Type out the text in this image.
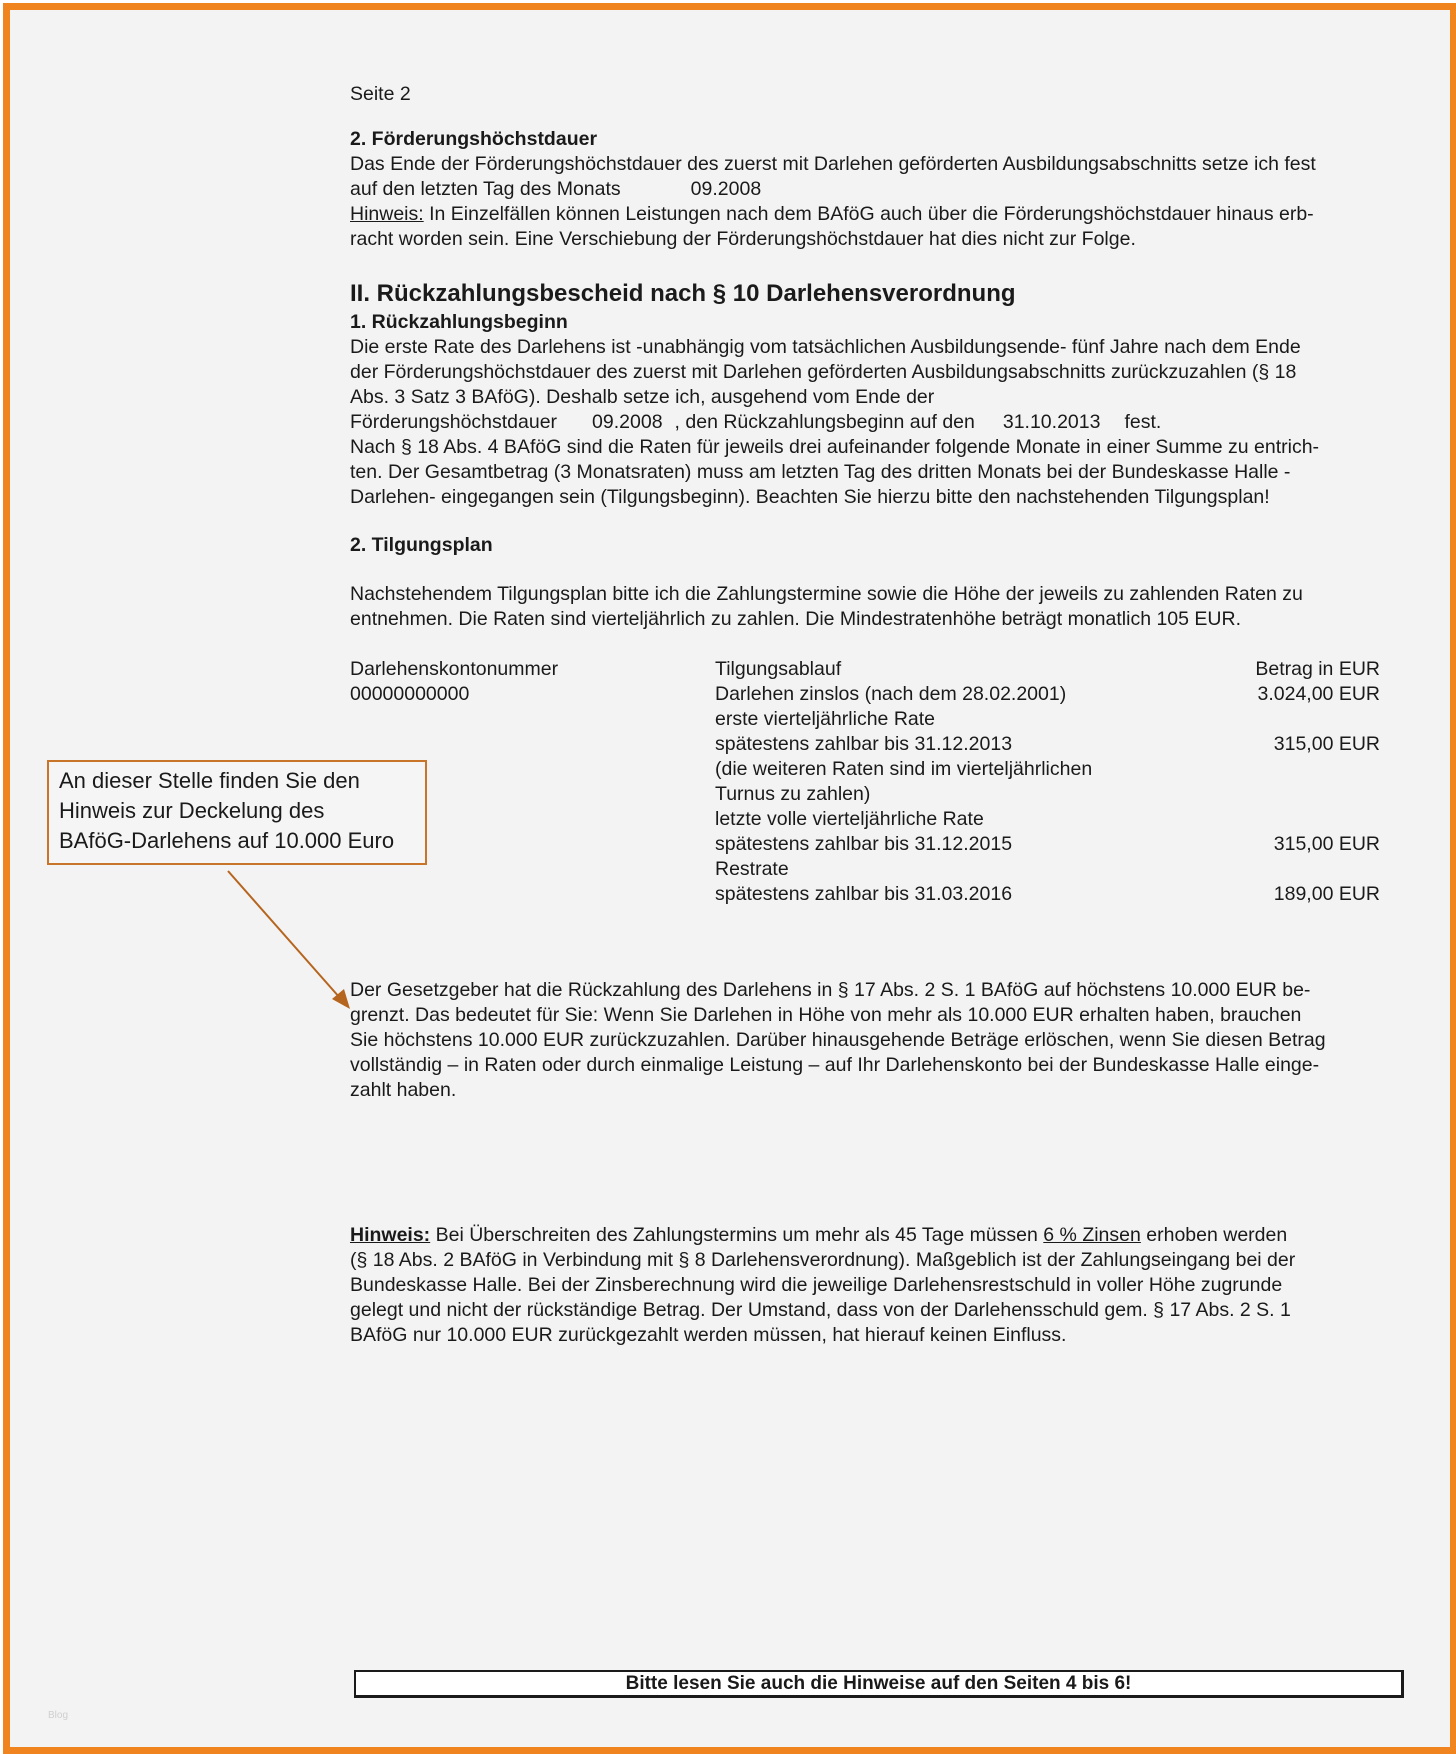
Seite 2

2. Förderungshöchstdauer

Das Ende der Förderungshöchstdauer des zuerst mit Darlehen geförderten Ausbildungsabschnitts setze ich fest

auf den letzten Tag des Monats	09.2008

Hinweis: In Einzelfällen können Leistungen nach dem BAföG auch über die Förderungshöchstdauer hinaus erb-

racht worden sein. Eine Verschiebung der Förderungshöchstdauer hat dies nicht zur Folge.

II. Rückzahlungsbescheid nach § 10 Darlehensverordnung

1. Rückzahlungsbeginn

Die erste Rate des Darlehens ist -unabhängig vom tatsächlichen Ausbildungsende- fünf Jahre nach dem Ende

der Förderungshöchstdauer des zuerst mit Darlehen geförderten Ausbildungsabschnitts zurückzuzahlen (§ 18

Abs. 3 Satz 3 BAföG). Deshalb setze ich, ausgehend vom Ende der

Förderungshöchstdauer 09.2008 , den Rückzahlungsbeginn auf den 31.10.2013 fest.

Nach § 18 Abs. 4 BAföG sind die Raten für jeweils drei aufeinander folgende Monate in einer Summe zu entrich-

ten. Der Gesamtbetrag (3 Monatsraten) muss am letzten Tag des dritten Monats bei der Bundeskasse Halle -

Darlehen- eingegangen sein (Tilgungsbeginn). Beachten Sie hierzu bitte den nachstehenden Tilgungsplan!

2. Tilgungsplan

Nachstehendem Tilgungsplan bitte ich die Zahlungstermine sowie die Höhe der jeweils zu zahlenden Raten zu

entnehmen. Die Raten sind vierteljährlich zu zahlen. Die Mindestratenhöhe beträgt monatlich 105 EUR.

Darlehenskontonummer	Tilgungsablauf	Betrag in EUR
00000000000	Darlehen zinslos (nach dem 28.02.2001)	3.024,00 EUR
erste vierteljährliche Rate
spätestens zahlbar bis 31.12.2013	315,00 EUR
(die weiteren Raten sind im vierteljährlichen
Turnus zu zahlen)
letzte volle vierteljährliche Rate
spätestens zahlbar bis 31.12.2015	315,00 EUR
Restrate
spätestens zahlbar bis 31.03.2016	189,00 EUR

Der Gesetzgeber hat die Rückzahlung des Darlehens in § 17 Abs. 2 S. 1 BAföG auf höchstens 10.000 EUR be-

grenzt. Das bedeutet für Sie: Wenn Sie Darlehen in Höhe von mehr als 10.000 EUR erhalten haben, brauchen

Sie höchstens 10.000 EUR zurückzuzahlen. Darüber hinausgehende Beträge erlöschen, wenn Sie diesen Betrag

vollständig – in Raten oder durch einmalige Leistung – auf Ihr Darlehenskonto bei der Bundeskasse Halle einge-

zahlt haben.

Hinweis: Bei Überschreiten des Zahlungstermins um mehr als 45 Tage müssen 6 % Zinsen erhoben werden

(§ 18 Abs. 2 BAföG in Verbindung mit § 8 Darlehensverordnung). Maßgeblich ist der Zahlungseingang bei der

Bundeskasse Halle. Bei der Zinsberechnung wird die jeweilige Darlehensrestschuld in voller Höhe zugrunde

gelegt und nicht der rückständige Betrag. Der Umstand, dass von der Darlehensschuld gem. § 17 Abs. 2 S. 1

BAföG nur 10.000 EUR zurückgezahlt werden müssen, hat hierauf keinen Einfluss.

An dieser Stelle finden Sie den
Hinweis zur Deckelung des
BAföG-Darlehens auf 10.000 Euro
Bitte lesen Sie auch die Hinweise auf den Seiten 4 bis 6!
Blog
